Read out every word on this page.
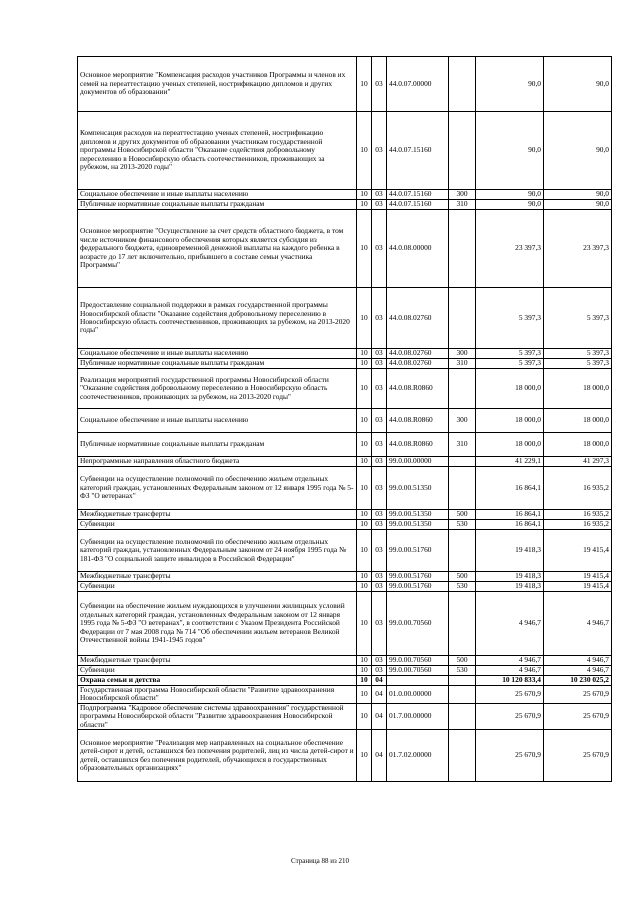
Основное мероприятие "Компенсация расходов участников Программы и членов их семей на переаттестацию ученых степеней, нострификацию дипломов и других документов об образовании"	10	03	44.0.07.00000		90,0	90,0
Компенсация расходов на переаттестацию ученых степеней, нострификацию дипломов и других документов об образовании участникам государственной программы Новосибирской области "Оказание содействия добровольному переселению в Новосибирскую область соотечественников, проживающих за рубежом, на 2013-2020 годы"	10	03	44.0.07.15160		90,0	90,0
Социальное обеспечение и иные выплаты населению	10	03	44.0.07.15160	300	90,0	90,0
Публичные нормативные социальные выплаты гражданам	10	03	44.0.07.15160	310	90,0	90,0
Основное мероприятие "Осуществление за счет средств областного бюджета, в том числе источником финансового обеспечения которых является субсидия из федерального бюджета, единовременной денежной выплаты на каждого ребенка в возрасте до 17 лет включительно, прибывшего в составе семьи участника Программы"	10	03	44.0.08.00000		23 397,3	23 397,3
Предоставление социальной поддержки в рамках государственной программы Новосибирской области "Оказание содействия добровольному переселению в Новосибирскую область соотечественников, проживающих за рубежом, на 2013-2020 годы"	10	03	44.0.08.02760		5 397,3	5 397,3
Социальное обеспечение и иные выплаты населению	10	03	44.0.08.02760	300	5 397,3	5 397,3
Публичные нормативные социальные выплаты гражданам	10	03	44.0.08.02760	310	5 397,3	5 397,3
Реализация мероприятий государственной программы Новосибирской области "Оказание содействия добровольному переселению в Новосибирскую область соотечественников, проживающих за рубежом, на 2013-2020 годы"	10	03	44.0.08.R0860		18 000,0	18 000,0
Социальное обеспечение и иные выплаты населению	10	03	44.0.08.R0860	300	18 000,0	18 000,0
Публичные нормативные социальные выплаты гражданам	10	03	44.0.08.R0860	310	18 000,0	18 000,0
Непрограммные направления областного бюджета	10	03	99.0.00.00000		41 229,1	41 297,3
Субвенции на осуществление полномочий по обеспечению жильем отдельных категорий граждан, установленных Федеральным законом от 12 января 1995 года № 5-ФЗ "О ветеранах"	10	03	99.0.00.51350		16 864,1	16 935,2
Межбюджетные трансферты	10	03	99.0.00.51350	500	16 864,1	16 935,2
Субвенции	10	03	99.0.00.51350	530	16 864,1	16 935,2
Субвенции на осуществление полномочий по обеспечению жильем отдельных категорий граждан, установленных Федеральным законом от 24 ноября 1995 года № 181-ФЗ "О социальной защите инвалидов в Российской Федерации"	10	03	99.0.00.51760		19 418,3	19 415,4
Межбюджетные трансферты	10	03	99.0.00.51760	500	19 418,3	19 415,4
Субвенции	10	03	99.0.00.51760	530	19 418,3	19 415,4
Субвенции на обеспечение жильем нуждающихся в улучшении жилищных условий отдельных категорий граждан, установленных Федеральным законом от 12 января 1995 года № 5-ФЗ "О ветеранах", в соответствии с Указом Президента Российской Федерации от 7 мая 2008 года № 714 "Об обеспечении жильем ветеранов Великой Отечественной войны 1941-1945 годов"	10	03	99.0.00.70560		4 946,7	4 946,7
Межбюджетные трансферты	10	03	99.0.00.70560	500	4 946,7	4 946,7
Субвенции	10	03	99.0.00.70560	530	4 946,7	4 946,7
Охрана семьи и детства	10	04			10 120 833,4	10 230 025,2
Государственная программа Новосибирской области "Развитие здравоохранения Новосибирской области"	10	04	01.0.00.00000		25 670,9	25 670,9
Подпрограмма "Кадровое обеспечение системы здравоохранения" государственной программы Новосибирской области "Развитие здравоохранения Новосибирской области"	10	04	01.7.00.00000		25 670,9	25 670,9
Основное мероприятие "Реализация мер направленных на социальное обеспечение детей-сирот и детей, оставшихся без попечения родителей, лиц из числа детей-сирот и детей, оставшихся без попечения родителей, обучающихся в государственных образовательных организациях"	10	04	01.7.02.00000		25 670,9	25 670,9
Страница 88 из 210
